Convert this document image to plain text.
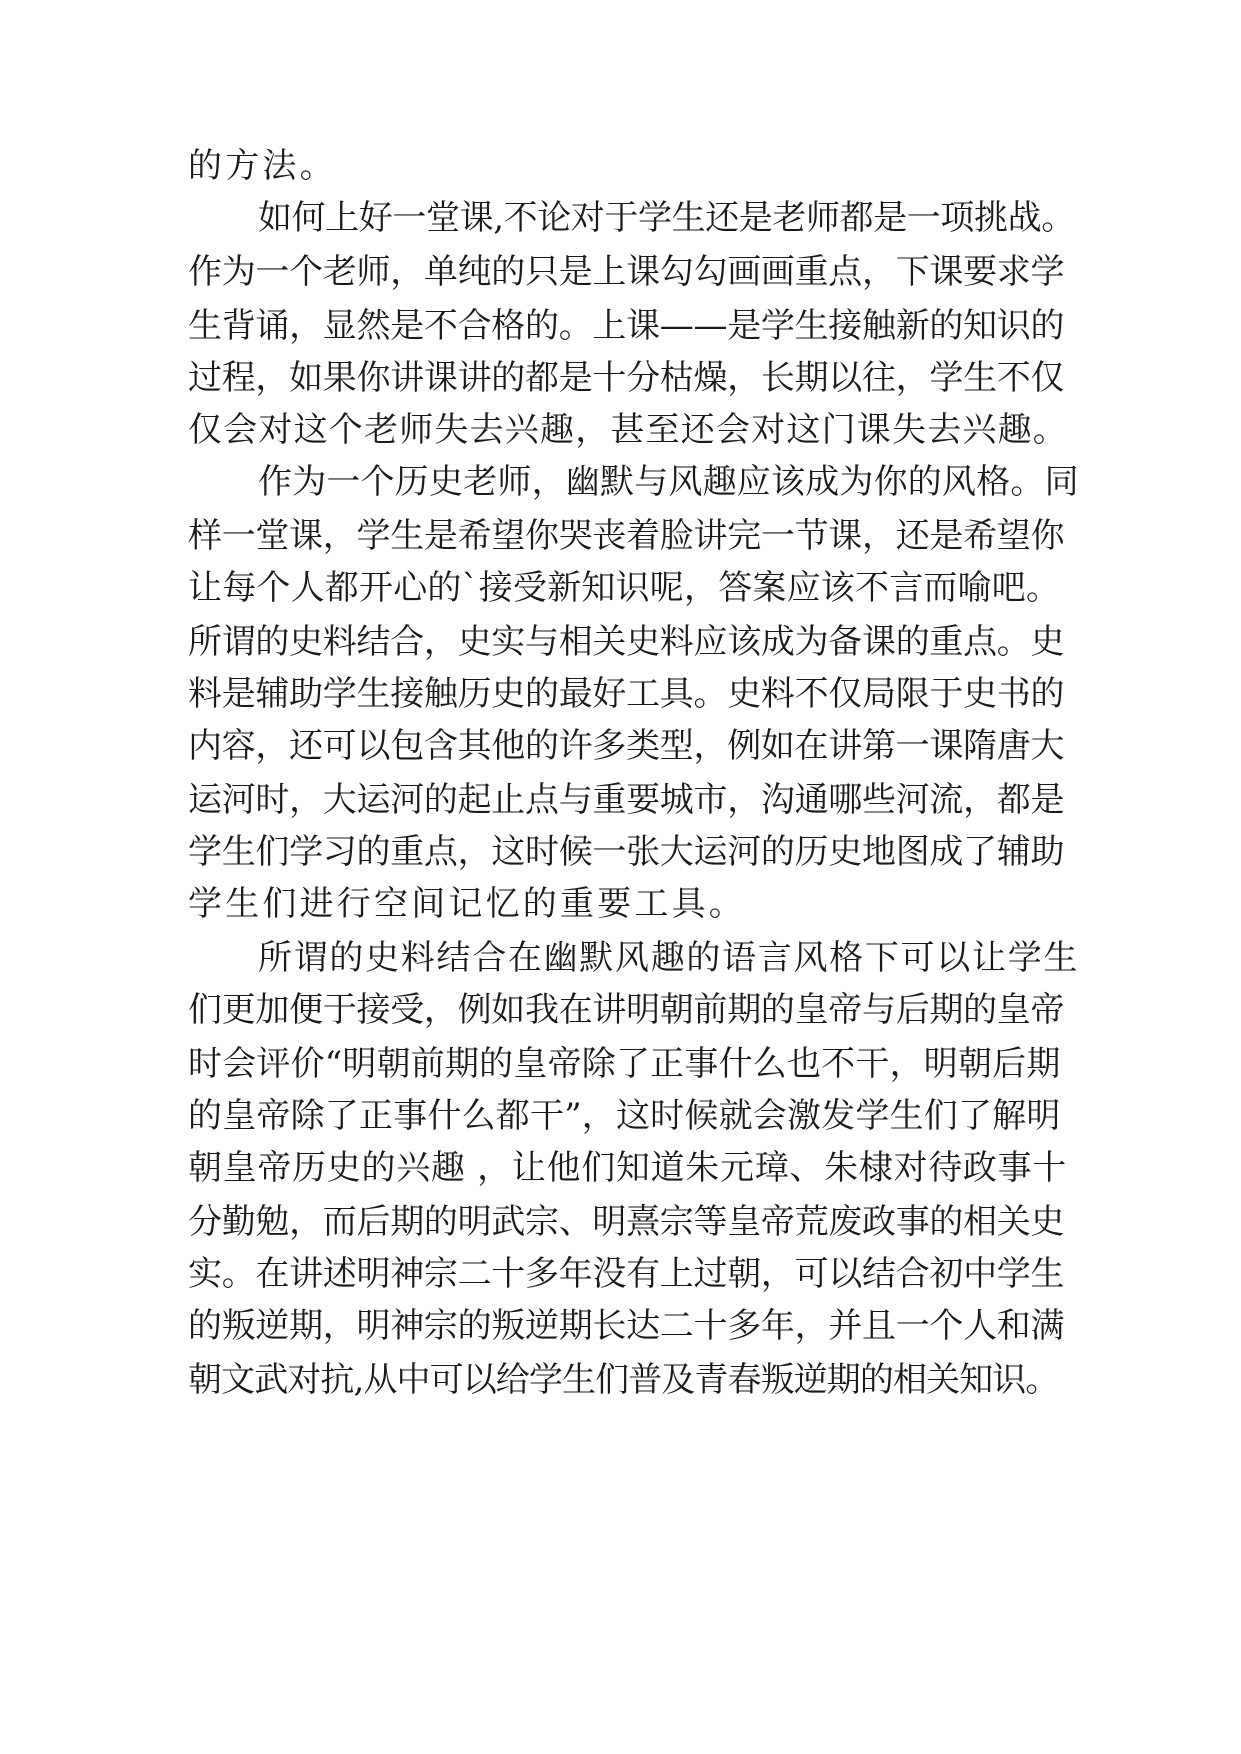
的方法。

如何上好一堂课,不论对于学生还是老师都是一项挑战。

作为一个老师，单纯的只是上课勾勾画画重点，下课要求学

生背诵，显然是不合格的。上课——是学生接触新的知识的

过程，如果你讲课讲的都是十分枯燥，长期以往，学生不仅

仅会对这个老师失去兴趣，甚至还会对这门课失去兴趣。

作为一个历史老师，幽默与风趣应该成为你的风格。同

样一堂课，学生是希望你哭丧着脸讲完一节课，还是希望你

让每个人都开心的`接受新知识呢，答案应该不言而喻吧。

所谓的史料结合，史实与相关史料应该成为备课的重点。史

料是辅助学生接触历史的最好工具。史料不仅局限于史书的

内容，还可以包含其他的许多类型，例如在讲第一课隋唐大

运河时，大运河的起止点与重要城市，沟通哪些河流，都是

学生们学习的重点，这时候一张大运河的历史地图成了辅助

学生们进行空间记忆的重要工具。

所谓的史料结合在幽默风趣的语言风格下可以让学生

们更加便于接受，例如我在讲明朝前期的皇帝与后期的皇帝

时会评价“明朝前期的皇帝除了正事什么也不干，明朝后期

的皇帝除了正事什么都干”，这时候就会激发学生们了解明

朝皇帝历史的兴趣 ，让他们知道朱元璋、朱棣对待政事十

分勤勉，而后期的明武宗、明熹宗等皇帝荒废政事的相关史

实。在讲述明神宗二十多年没有上过朝，可以结合初中学生

的叛逆期，明神宗的叛逆期长达二十多年，并且一个人和满

朝文武对抗,从中可以给学生们普及青春叛逆期的相关知识。
